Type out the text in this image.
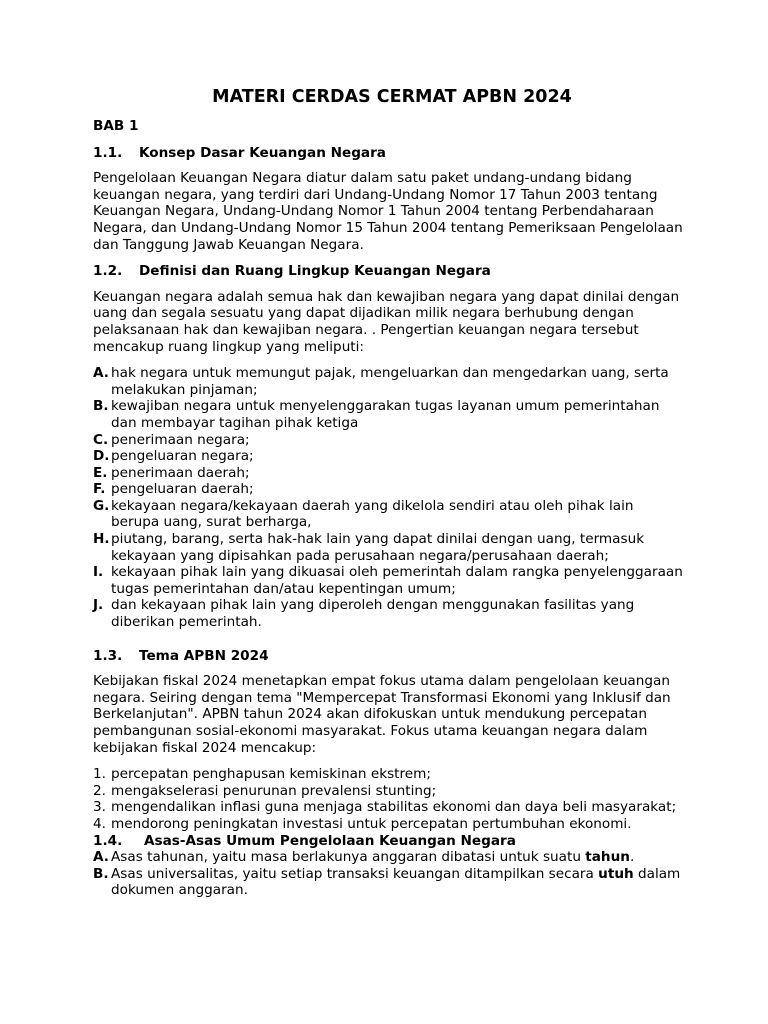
MATERI CERDAS CERMAT APBN 2024
BAB 1
1.1.	Konsep Dasar Keuangan Negara

Pengelolaan Keuangan Negara diatur dalam satu paket undang-undang bidang keuangan negara, yang terdiri dari Undang-Undang Nomor 17 Tahun 2003 tentang Keuangan Negara, Undang-Undang Nomor 1 Tahun 2004 tentang Perbendaharaan Negara, dan Undang-Undang Nomor 15 Tahun 2004 tentang Pemeriksaan Pengelolaan dan Tanggung Jawab Keuangan Negara.

1.2.	Definisi dan Ruang Lingkup Keuangan Negara

Keuangan negara adalah semua hak dan kewajiban negara yang dapat dinilai dengan uang dan segala sesuatu yang dapat dijadikan milik negara berhubung dengan pelaksanaan hak dan kewajiban negara. . Pengertian keuangan negara tersebut mencakup ruang lingkup yang meliputi:

A. hak negara untuk memungut pajak, mengeluarkan dan mengedarkan uang, serta melakukan pinjaman;
B. kewajiban negara untuk menyelenggarakan tugas layanan umum pemerintahan dan membayar tagihan pihak ketiga
C. penerimaan negara;
D. pengeluaran negara;
E. penerimaan daerah;
F. pengeluaran daerah;
G. kekayaan negara/kekayaan daerah yang dikelola sendiri atau oleh pihak lain berupa uang, surat berharga,
H. piutang, barang, serta hak-hak lain yang dapat dinilai dengan uang, termasuk kekayaan yang dipisahkan pada perusahaan negara/perusahaan daerah;
I. kekayaan pihak lain yang dikuasai oleh pemerintah dalam rangka penyelenggaraan tugas pemerintahan dan/atau kepentingan umum;
J. dan kekayaan pihak lain yang diperoleh dengan menggunakan fasilitas yang diberikan pemerintah.
1.3.	Tema APBN 2024

Kebijakan fiskal 2024 menetapkan empat fokus utama dalam pengelolaan keuangan negara. Seiring dengan tema "Mempercepat Transformasi Ekonomi yang Inklusif dan Berkelanjutan". APBN tahun 2024 akan difokuskan untuk mendukung percepatan pembangunan sosial-ekonomi masyarakat. Fokus utama keuangan negara dalam kebijakan fiskal 2024 mencakup:

1. percepatan penghapusan kemiskinan ekstrem;
2. mengakselerasi penurunan prevalensi stunting;
3. mengendalikan inflasi guna menjaga stabilitas ekonomi dan daya beli masyarakat;
4. mendorong peningkatan investasi untuk percepatan pertumbuhan ekonomi.
1.4.	Asas-Asas Umum Pengelolaan Keuangan Negara
A. Asas tahunan, yaitu masa berlakunya anggaran dibatasi untuk suatu tahun.
B. Asas universalitas, yaitu setiap transaksi keuangan ditampilkan secara utuh dalam dokumen anggaran.
